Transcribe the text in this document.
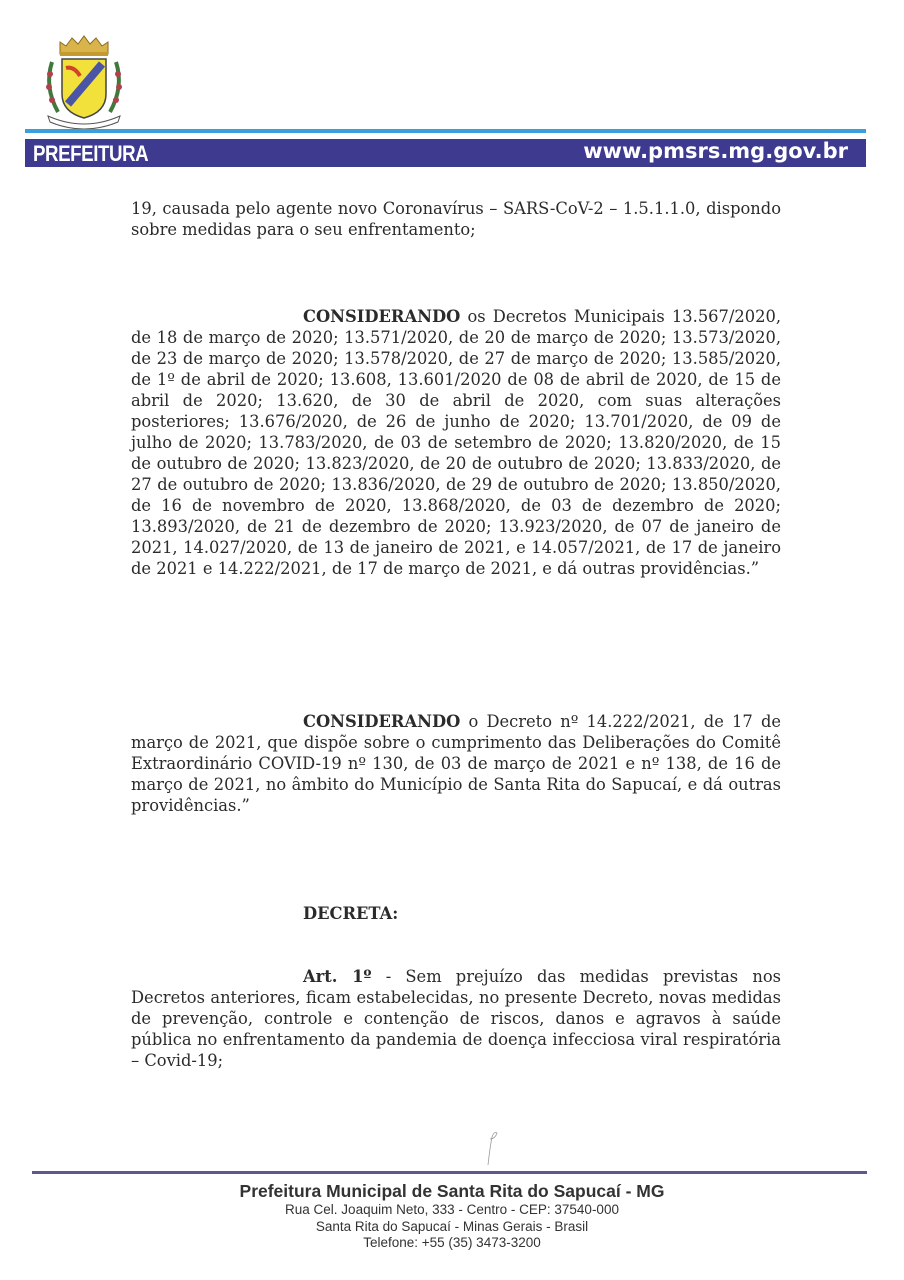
PREFEITURA	www.pmsrs.mg.gov.br
19, causada pelo agente novo Coronavírus – SARS-CoV-2 – 1.5.1.1.0, dispondo sobre medidas para o seu enfrentamento;
CONSIDERANDO os Decretos Municipais 13.567/2020, de 18 de março de 2020; 13.571/2020, de 20 de março de 2020; 13.573/2020, de 23 de março de 2020; 13.578/2020, de 27 de março de 2020; 13.585/2020, de 1º de abril de 2020; 13.608, 13.601/2020 de 08 de abril de 2020, de 15 de abril de 2020; 13.620, de 30 de abril de 2020, com suas alterações posteriores; 13.676/2020, de 26 de junho de 2020; 13.701/2020, de 09 de julho de 2020; 13.783/2020, de 03 de setembro de 2020; 13.820/2020, de 15 de outubro de 2020; 13.823/2020, de 20 de outubro de 2020; 13.833/2020, de 27 de outubro de 2020; 13.836/2020, de 29 de outubro de 2020; 13.850/2020, de 16 de novembro de 2020, 13.868/2020, de 03 de dezembro de 2020; 13.893/2020, de 21 de dezembro de 2020; 13.923/2020, de 07 de janeiro de 2021, 14.027/2020, de 13 de janeiro de 2021, e 14.057/2021, de 17 de janeiro de 2021 e 14.222/2021, de 17 de março de 2021, e dá outras providências.”
CONSIDERANDO o Decreto nº 14.222/2021, de 17 de março de 2021, que dispõe sobre o cumprimento das Deliberações do Comitê Extraordinário COVID-19 nº 130, de 03 de março de 2021 e nº 138, de 16 de março de 2021, no âmbito do Município de Santa Rita do Sapucaí, e dá outras providências.”
DECRETA:
Art. 1º - Sem prejuízo das medidas previstas nos Decretos anteriores, ficam estabelecidas, no presente Decreto, novas medidas de prevenção, controle e contenção de riscos, danos e agravos à saúde pública no enfrentamento da pandemia de doença infecciosa viral respiratória – Covid-19;
Prefeitura Municipal de Santa Rita do Sapucaí - MG
Rua Cel. Joaquim Neto, 333 - Centro - CEP: 37540-000
Santa Rita do Sapucaí - Minas Gerais - Brasil
Telefone: +55 (35) 3473-3200
